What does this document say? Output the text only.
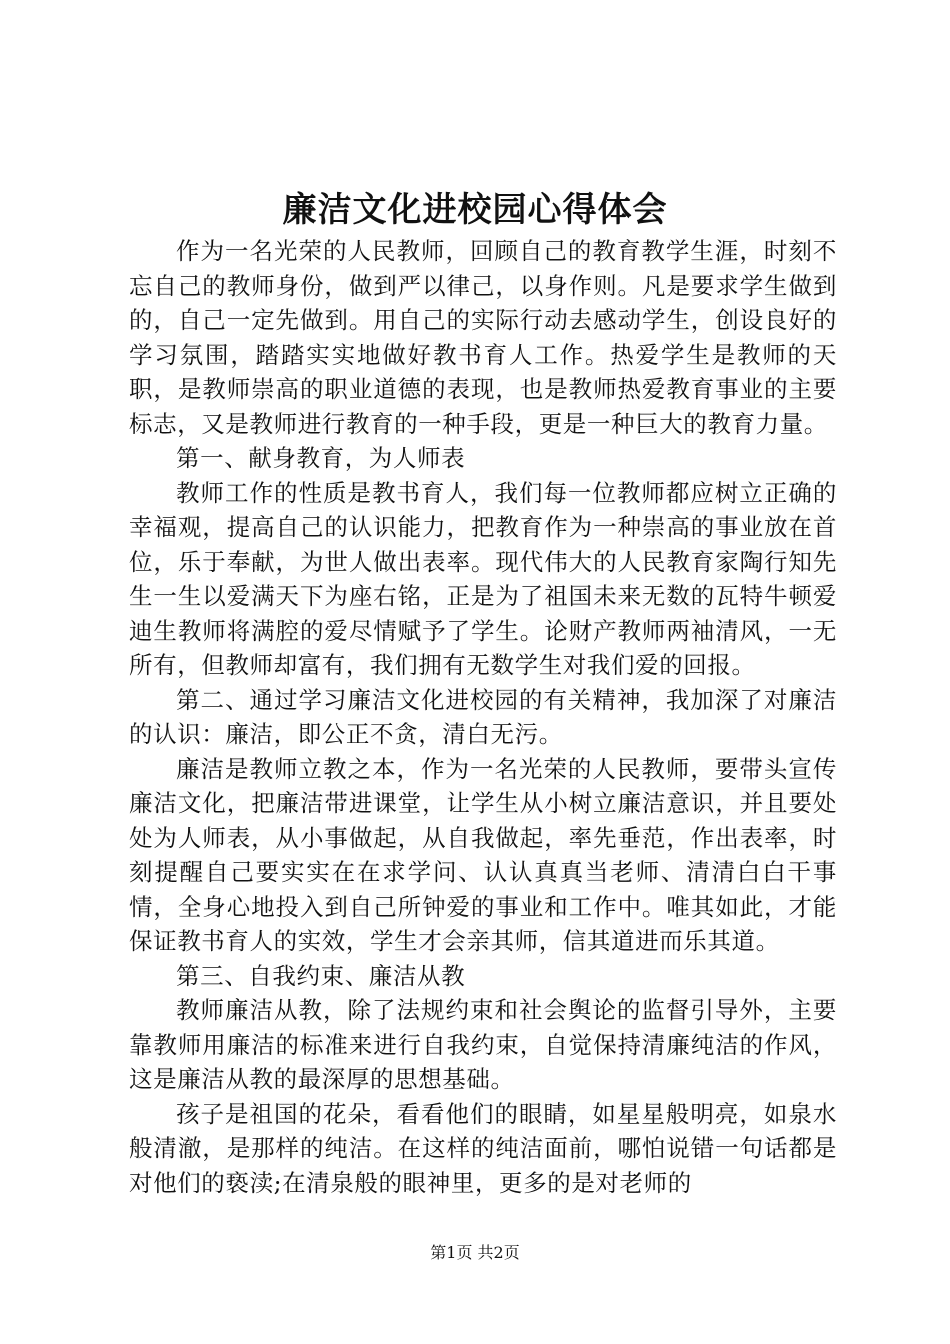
廉洁文化进校园心得体会

作为一名光荣的人民教师，回顾自己的教育教学生涯，时刻不忘自己的教师身份，做到严以律己，以身作则。凡是要求学生做到的，自己一定先做到。用自己的实际行动去感动学生，创设良好的学习氛围，踏踏实实地做好教书育人工作。热爱学生是教师的天职，是教师崇高的职业道德的表现，也是教师热爱教育事业的主要标志，又是教师进行教育的一种手段，更是一种巨大的教育力量。

第一、献身教育，为人师表

教师工作的性质是教书育人，我们每一位教师都应树立正确的幸福观，提高自己的认识能力，把教育作为一种崇高的事业放在首位，乐于奉献，为世人做出表率。现代伟大的人民教育家陶行知先生一生以爱满天下为座右铭，正是为了祖国未来无数的瓦特牛顿爱迪生教师将满腔的爱尽情赋予了学生。论财产教师两袖清风，一无所有，但教师却富有，我们拥有无数学生对我们爱的回报。

第二、通过学习廉洁文化进校园的有关精神，我加深了对廉洁的认识：廉洁，即公正不贪，清白无污。

廉洁是教师立教之本，作为一名光荣的人民教师，要带头宣传廉洁文化，把廉洁带进课堂，让学生从小树立廉洁意识，并且要处处为人师表，从小事做起，从自我做起，率先垂范，作出表率，时刻提醒自己要实实在在求学问、认认真真当老师、清清白白干事情，全身心地投入到自己所钟爱的事业和工作中。唯其如此，才能保证教书育人的实效，学生才会亲其师，信其道进而乐其道。

第三、自我约束、廉洁从教

教师廉洁从教，除了法规约束和社会舆论的监督引导外，主要靠教师用廉洁的标准来进行自我约束，自觉保持清廉纯洁的作风，这是廉洁从教的最深厚的思想基础。

孩子是祖国的花朵，看看他们的眼睛，如星星般明亮，如泉水般清澈，是那样的纯洁。在这样的纯洁面前，哪怕说错一句话都是对他们的亵渎;在清泉般的眼神里，更多的是对老师的

第1页 共2页
